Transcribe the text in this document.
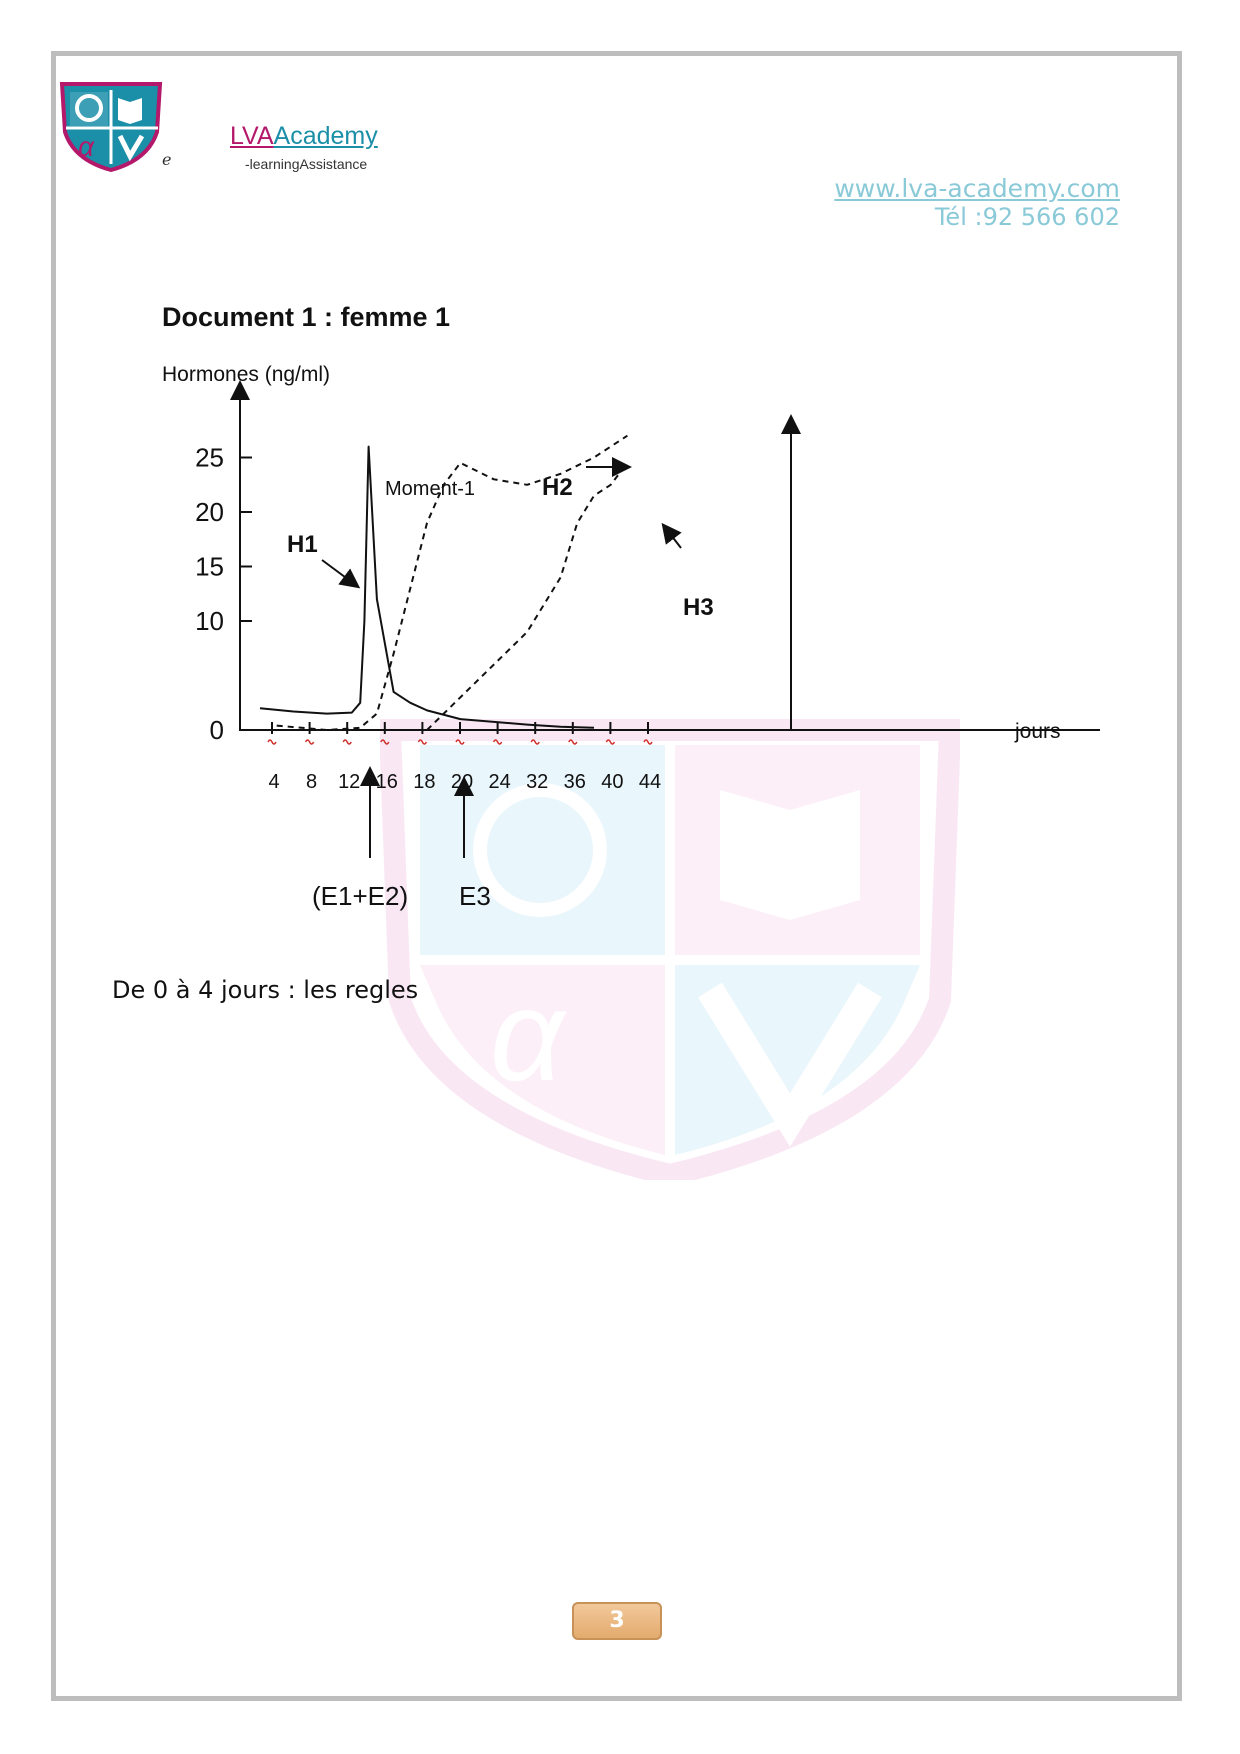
α
α	e
LVAAcademy
-learningAssistance
www.lva-academy.com
Tél :92 566 602
Document 1 : femme 1
Hormones (ng/ml)
jours
25
20
15
10
0
4 8 12 16 18 20 24 32 36 40 44
H1
Moment-1	H2
H3
(E1+E2) E3
De 0 à 4 jours : les regles
3
